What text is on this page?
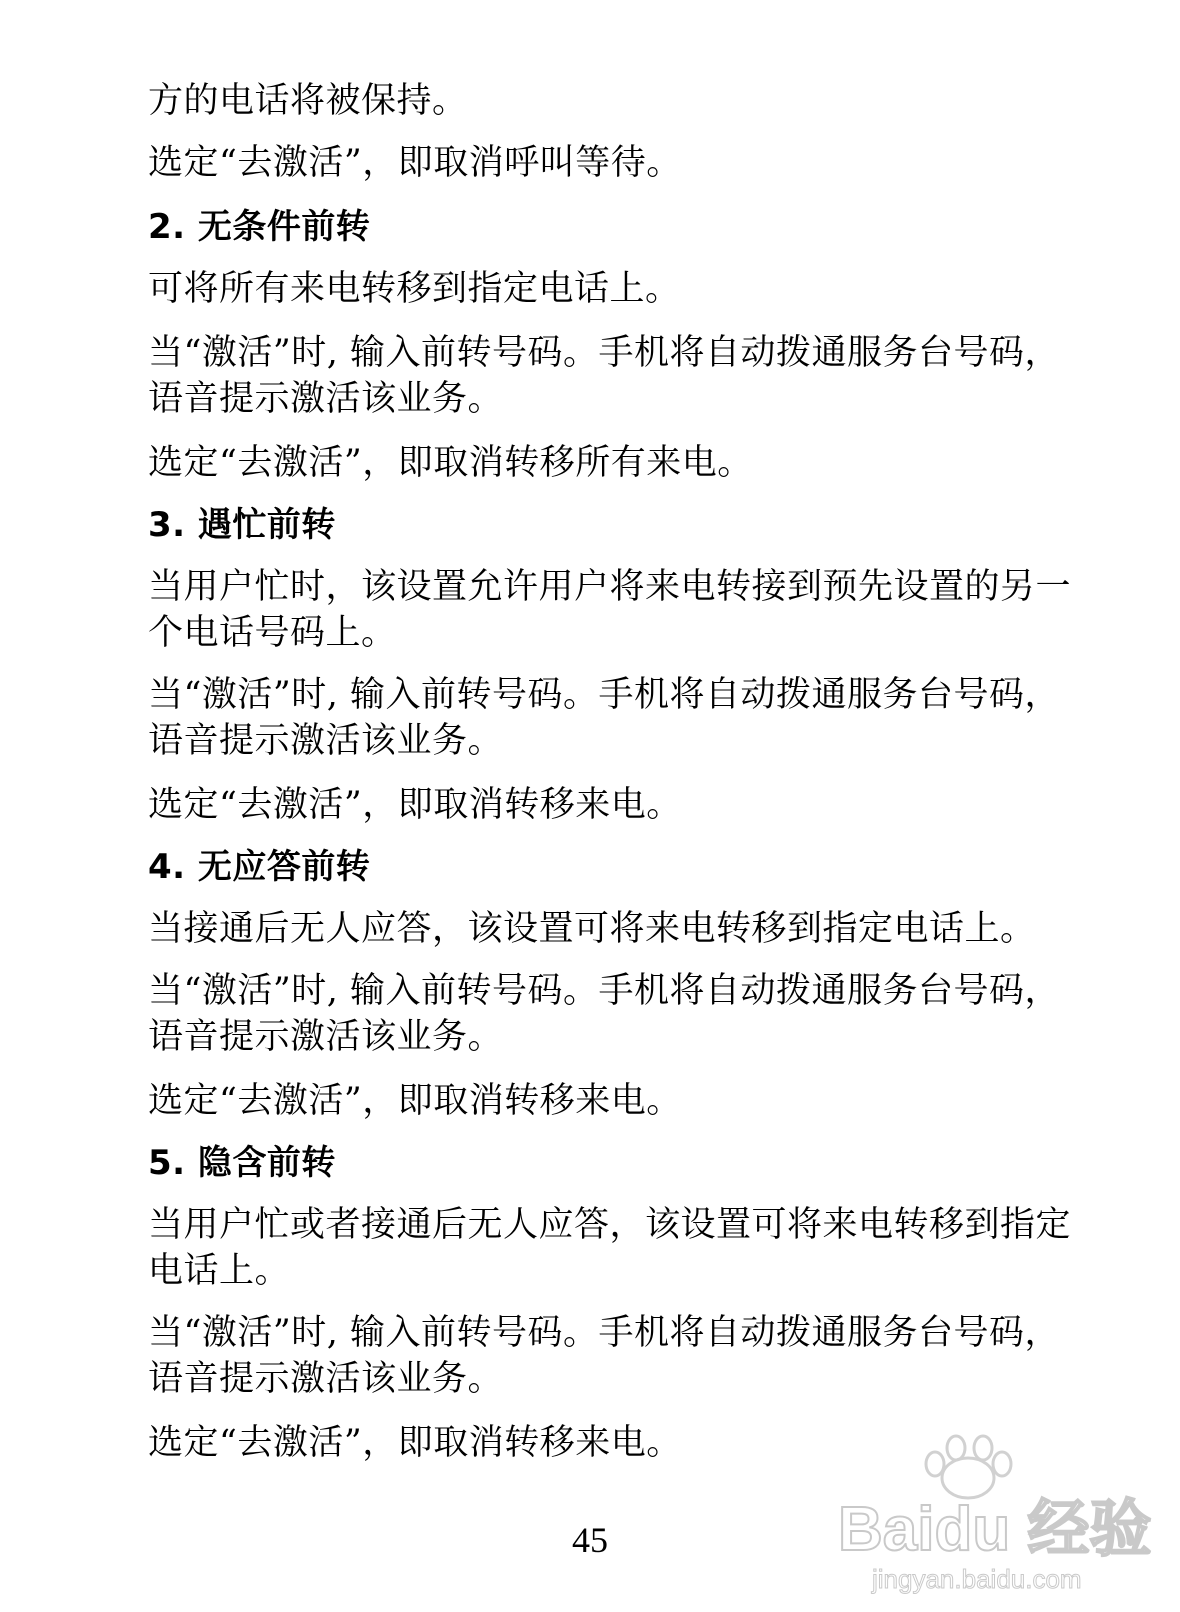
方的电话将被保持。
选定“去激活”，即取消呼叫等待。
2. 无条件前转
可将所有来电转移到指定电话上。
当“激活”时, 输入前转号码。手机将自动拨通服务台号码，
语音提示激活该业务。
选定“去激活”，即取消转移所有来电。
3. 遇忙前转
当用户忙时，该设置允许用户将来电转接到预先设置的另一
个电话号码上。
当“激活”时, 输入前转号码。手机将自动拨通服务台号码，
语音提示激活该业务。
选定“去激活”，即取消转移来电。
4. 无应答前转
当接通后无人应答，该设置可将来电转移到指定电话上。
当“激活”时, 输入前转号码。手机将自动拨通服务台号码，
语音提示激活该业务。
选定“去激活”，即取消转移来电。
5. 隐含前转
当用户忙或者接通后无人应答，该设置可将来电转移到指定
电话上。
当“激活”时, 输入前转号码。手机将自动拨通服务台号码，
语音提示激活该业务。
选定“去激活”，即取消转移来电。
45	Baidu 经验
jingyan.baidu.com
